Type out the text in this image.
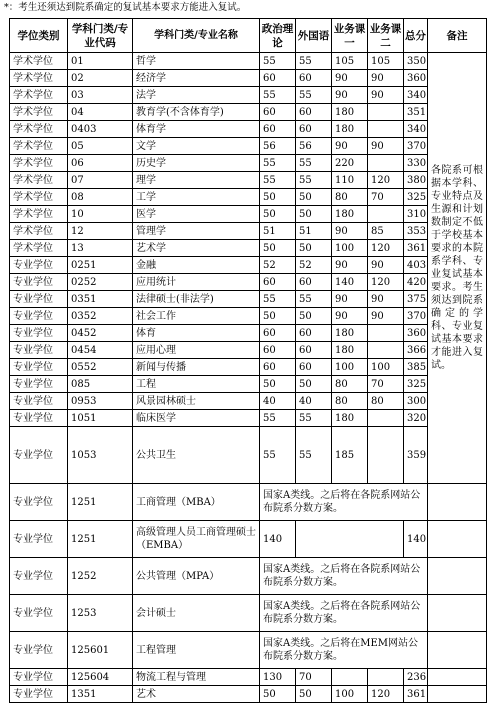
*：考生还须达到院系确定的复试基本要求方能进入复试。
学位类别	学科门类/专业代码	学科门类/专业名称	政治理论	外国语	业务课一	业务课二	总分	备注
学术学位	01	哲学	55	55	105	105	350	各院系可根据本学科、专业特点及生源和计划数制定不低于学校基本要求的本院系学科、专业复试基本要求。考生须达到院系确定的学科、专业复试基本要求才能进入复试。
学术学位	02	经济学	60	60	90	90	360	
学术学位	03	法学	55	55	90	90	340	
学术学位	04	教育学(不含体育学)	60	60	180		351	
学术学位	0403	体育学	60	60	180		340	
学术学位	05	文学	56	56	90	90	370	
学术学位	06	历史学	55	55	220		330	
学术学位	07	理学	55	55	110	120	380	
学术学位	08	工学	50	50	80	70	325	
学术学位	10	医学	50	50	180		310	
学术学位	12	管理学	51	51	90	85	353	
学术学位	13	艺术学	50	50	100	120	361	
专业学位	0251	金融	52	52	90	90	403	
专业学位	0252	应用统计	60	60	140	120	420	
专业学位	0351	法律硕士(非法学)	55	55	90	90	375	
专业学位	0352	社会工作	50	50	90	90	370	
专业学位	0452	体育	60	60	180		360	
专业学位	0454	应用心理	60	60	180		366	
专业学位	0552	新闻与传播	60	60	100	100	385	
专业学位	085	工程	50	50	80	70	325	
专业学位	0953	风景园林硕士	40	40	80	80	300	
专业学位	1051	临床医学	55	55	180		320	
专业学位	1053	公共卫生	55	55	185		359	
专业学位	1251	工商管理（MBA）	国家A类线。之后将在各院系网站公布院系分数方案。					
专业学位	1251	高级管理人员工商管理硕士（EMBA）	140				140	
专业学位	1252	公共管理（MPA）	国家A类线。之后将在各院系网站公布院系分数方案。					
专业学位	1253	会计硕士	国家A类线。之后将在各院系网站公布院系分数方案。					
专业学位	125601	工程管理	国家A类线。之后将在MEM网站公布院系分数方案。					
专业学位	125604	物流工程与管理	130	70			236	
专业学位	1351	艺术	50	50	100	120	361	
